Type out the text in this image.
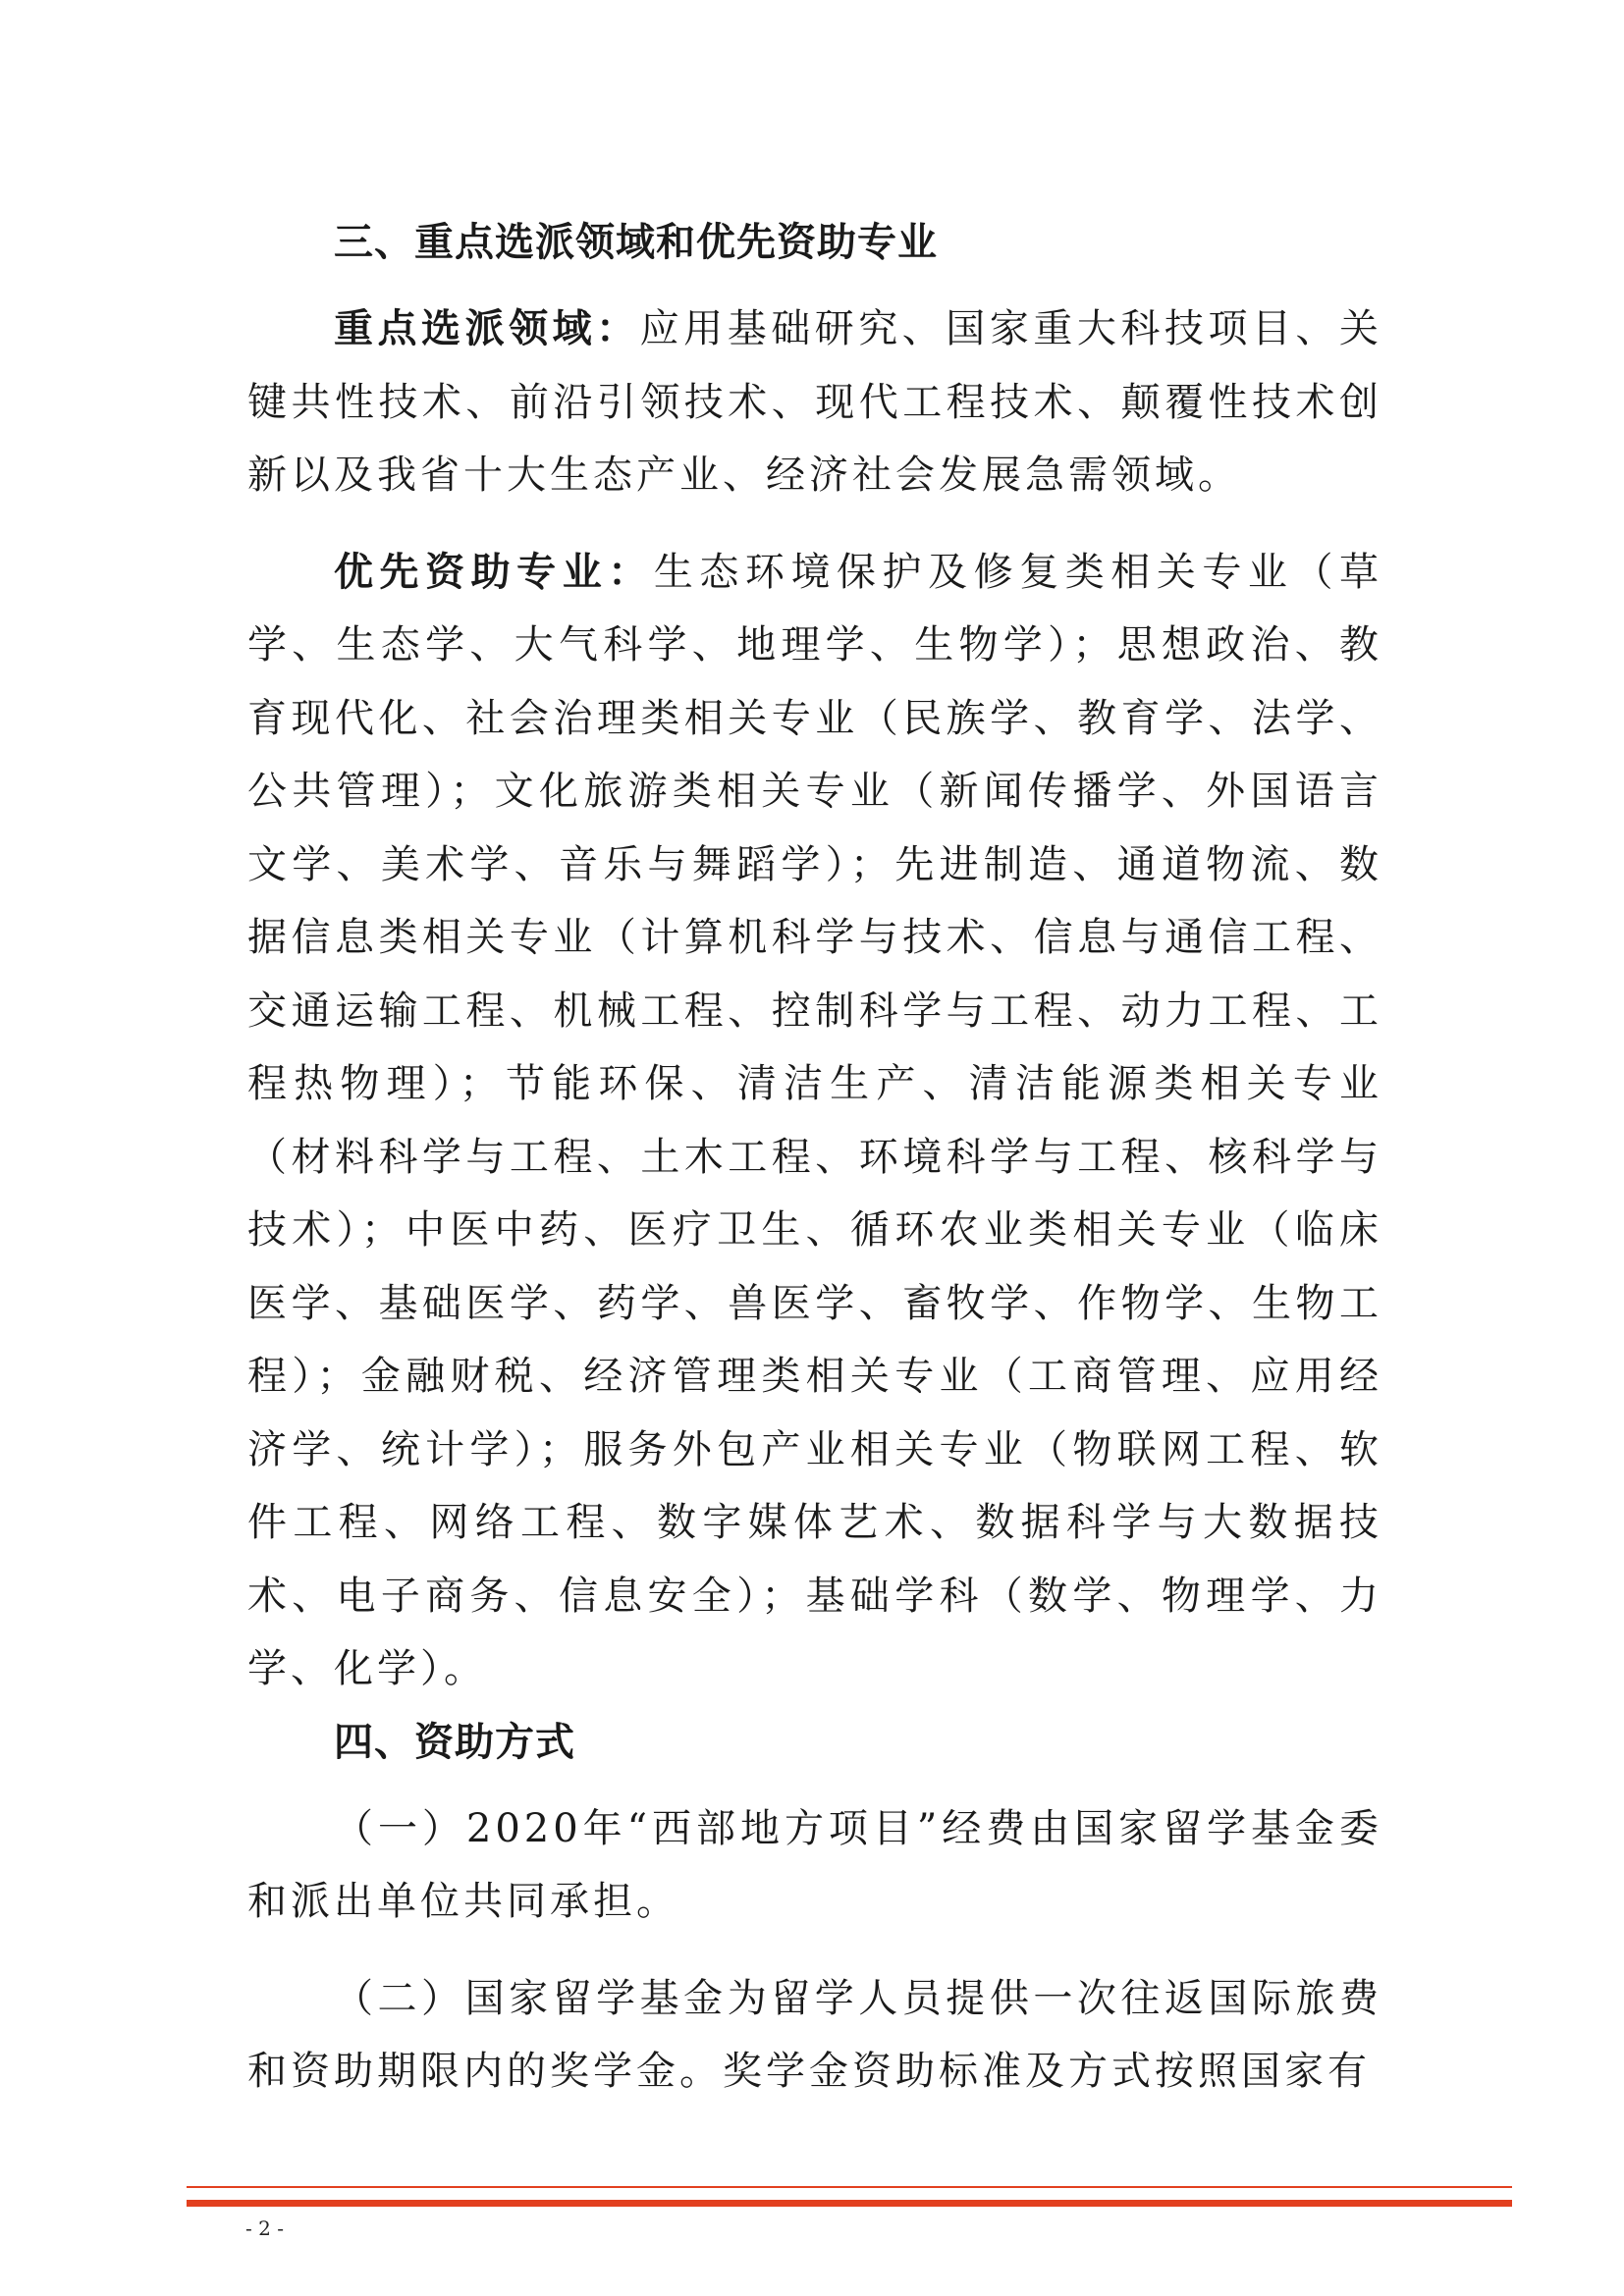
三、重点选派领域和优先资助专业

重点选派领域：应用基础研究、国家重大科技项目、关键共性技术、前沿引领技术、现代工程技术、颠覆性技术创新以及我省十大生态产业、经济社会发展急需领域。

优先资助专业：生态环境保护及修复类相关专业（草学、生态学、大气科学、地理学、生物学）；思想政治、教育现代化、社会治理类相关专业（民族学、教育学、法学、公共管理）；文化旅游类相关专业（新闻传播学、外国语言文学、美术学、音乐与舞蹈学）；先进制造、通道物流、数据信息类相关专业（计算机科学与技术、信息与通信工程、交通运输工程、机械工程、控制科学与工程、动力工程、工程热物理）；节能环保、清洁生产、清洁能源类相关专业（材料科学与工程、土木工程、环境科学与工程、核科学与技术）；中医中药、医疗卫生、循环农业类相关专业（临床医学、基础医学、药学、兽医学、畜牧学、作物学、生物工程）；金融财税、经济管理类相关专业（工商管理、应用经济学、统计学）；服务外包产业相关专业（物联网工程、软件工程、网络工程、数字媒体艺术、数据科学与大数据技术、电子商务、信息安全）；基础学科（数学、物理学、力学、化学）。

四、资助方式

（一）2020年“西部地方项目”经费由国家留学基金委和派出单位共同承担。

（二）国家留学基金为留学人员提供一次往返国际旅费和资助期限内的奖学金。奖学金资助标准及方式按照国家有

- 2 -
